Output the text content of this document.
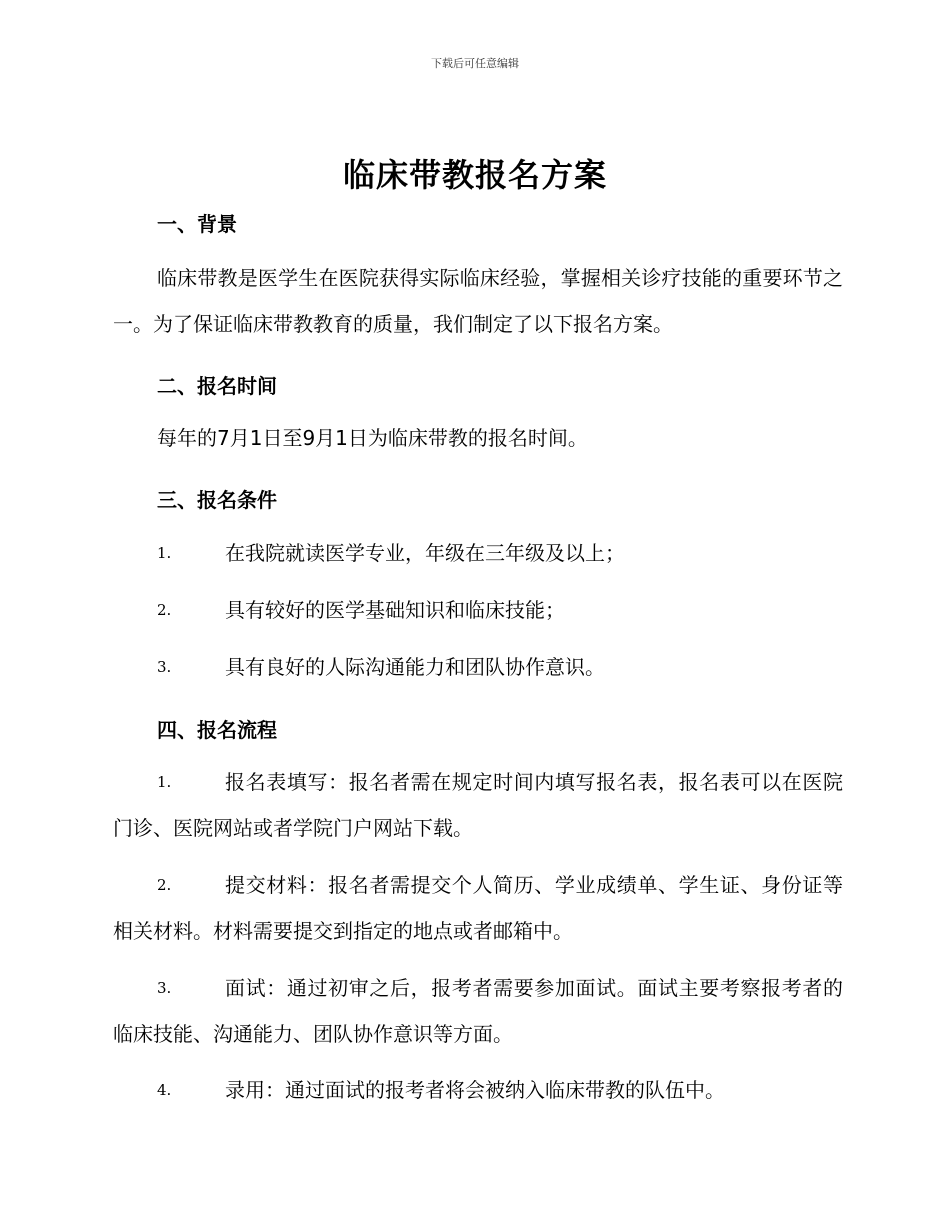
下载后可任意编辑
临床带教报名方案
一、背景
临床带教是医学生在医院获得实际临床经验，掌握相关诊疗技能的重要环节之一。为了保证临床带教教育的质量，我们制定了以下报名方案。
二、报名时间
每年的7月1日至9月1日为临床带教的报名时间。
三、报名条件
1.	在我院就读医学专业，年级在三年级及以上；
2.	具有较好的医学基础知识和临床技能；
3.	具有良好的人际沟通能力和团队协作意识。
四、报名流程
1.	报名表填写：报名者需在规定时间内填写报名表，报名表可以在医院门诊、医院网站或者学院门户网站下载。
2.	提交材料：报名者需提交个人简历、学业成绩单、学生证、身份证等相关材料。材料需要提交到指定的地点或者邮箱中。
3.	面试：通过初审之后，报考者需要参加面试。面试主要考察报考者的临床技能、沟通能力、团队协作意识等方面。
4.	录用：通过面试的报考者将会被纳入临床带教的队伍中。
